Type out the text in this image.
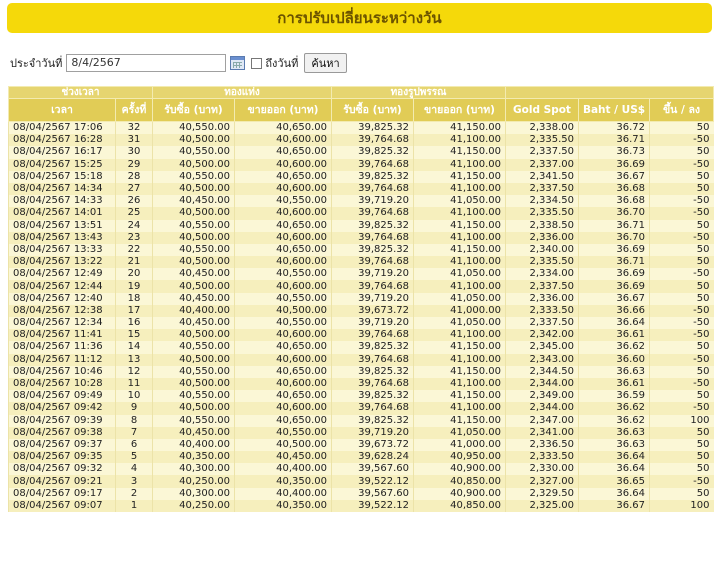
การปรับเปลี่ยนระหว่างวัน
ประจำวันที่ 8/4/2567	ถึงวันที่	ค้นหา
ช่วงเวลา		ทองแท่ง		ทองรูปพรรณ				
เวลา	ครั้งที่	รับซื้อ (บาท)	ขายออก (บาท)	รับซื้อ (บาท)	ขายออก (บาท)	Gold Spot	Baht / US$	ขึ้น / ลง
08/04/2567 17:06	32	40,550.00	40,650.00	39,825.32	41,150.00	2,338.00	36.72	50
08/04/2567 16:28	31	40,500.00	40,600.00	39,764.68	41,100.00	2,335.50	36.71	-50
08/04/2567 16:17	30	40,550.00	40,650.00	39,825.32	41,150.00	2,337.50	36.73	50
08/04/2567 15:25	29	40,500.00	40,600.00	39,764.68	41,100.00	2,337.00	36.69	-50
08/04/2567 15:18	28	40,550.00	40,650.00	39,825.32	41,150.00	2,341.50	36.67	50
08/04/2567 14:34	27	40,500.00	40,600.00	39,764.68	41,100.00	2,337.50	36.68	50
08/04/2567 14:33	26	40,450.00	40,550.00	39,719.20	41,050.00	2,334.50	36.68	-50
08/04/2567 14:01	25	40,500.00	40,600.00	39,764.68	41,100.00	2,335.50	36.70	-50
08/04/2567 13:51	24	40,550.00	40,650.00	39,825.32	41,150.00	2,338.50	36.71	50
08/04/2567 13:43	23	40,500.00	40,600.00	39,764.68	41,100.00	2,336.00	36.70	-50
08/04/2567 13:33	22	40,550.00	40,650.00	39,825.32	41,150.00	2,340.00	36.69	50
08/04/2567 13:22	21	40,500.00	40,600.00	39,764.68	41,100.00	2,335.50	36.71	50
08/04/2567 12:49	20	40,450.00	40,550.00	39,719.20	41,050.00	2,334.00	36.69	-50
08/04/2567 12:44	19	40,500.00	40,600.00	39,764.68	41,100.00	2,337.50	36.69	50
08/04/2567 12:40	18	40,450.00	40,550.00	39,719.20	41,050.00	2,336.00	36.67	50
08/04/2567 12:38	17	40,400.00	40,500.00	39,673.72	41,000.00	2,333.50	36.66	-50
08/04/2567 12:34	16	40,450.00	40,550.00	39,719.20	41,050.00	2,337.50	36.64	-50
08/04/2567 11:41	15	40,500.00	40,600.00	39,764.68	41,100.00	2,342.00	36.61	-50
08/04/2567 11:36	14	40,550.00	40,650.00	39,825.32	41,150.00	2,345.00	36.62	50
08/04/2567 11:12	13	40,500.00	40,600.00	39,764.68	41,100.00	2,343.00	36.60	-50
08/04/2567 10:46	12	40,550.00	40,650.00	39,825.32	41,150.00	2,344.50	36.63	50
08/04/2567 10:28	11	40,500.00	40,600.00	39,764.68	41,100.00	2,344.00	36.61	-50
08/04/2567 09:49	10	40,550.00	40,650.00	39,825.32	41,150.00	2,349.00	36.59	50
08/04/2567 09:42	9	40,500.00	40,600.00	39,764.68	41,100.00	2,344.00	36.62	-50
08/04/2567 09:39	8	40,550.00	40,650.00	39,825.32	41,150.00	2,347.00	36.62	100
08/04/2567 09:38	7	40,450.00	40,550.00	39,719.20	41,050.00	2,341.00	36.63	50
08/04/2567 09:37	6	40,400.00	40,500.00	39,673.72	41,000.00	2,336.50	36.63	50
08/04/2567 09:35	5	40,350.00	40,450.00	39,628.24	40,950.00	2,333.50	36.64	50
08/04/2567 09:32	4	40,300.00	40,400.00	39,567.60	40,900.00	2,330.00	36.64	50
08/04/2567 09:21	3	40,250.00	40,350.00	39,522.12	40,850.00	2,327.00	36.65	-50
08/04/2567 09:17	2	40,300.00	40,400.00	39,567.60	40,900.00	2,329.50	36.64	50
08/04/2567 09:07	1	40,250.00	40,350.00	39,522.12	40,850.00	2,325.00	36.67	100
